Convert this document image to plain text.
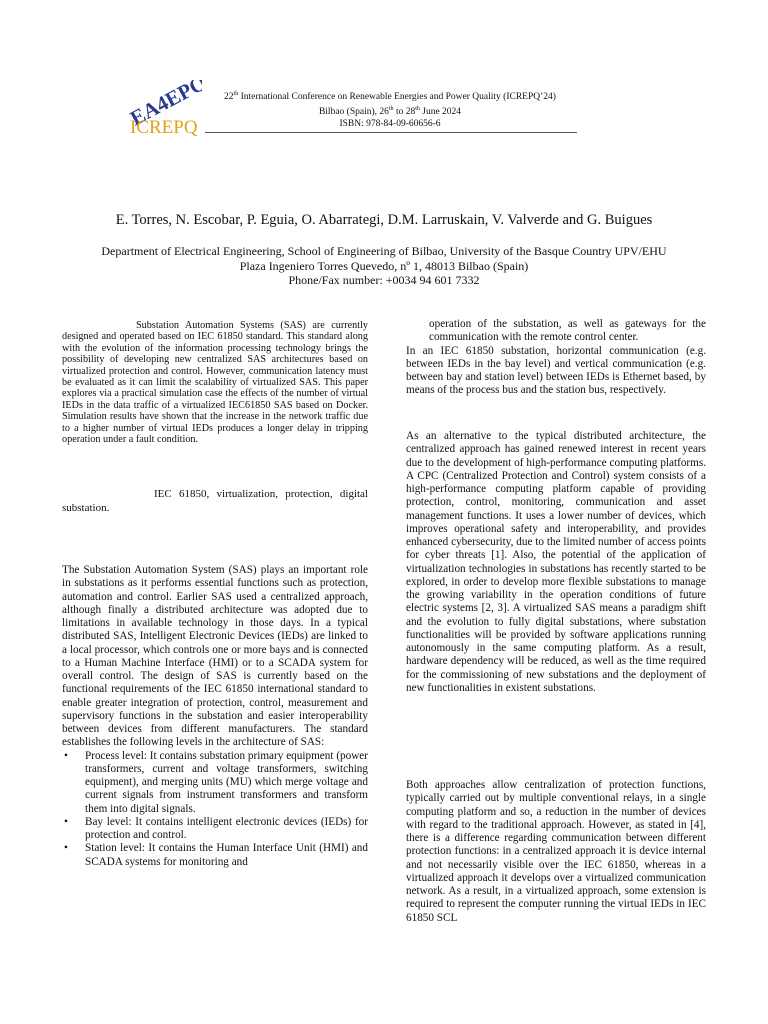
EA4EPQ
ICREPQ
22th International Conference on Renewable Energies and Power Quality (ICREPQ’24)
Bilbao (Spain), 26th to 28th June 2024
ISBN: 978-84-09-60656-6
E. Torres, N. Escobar, P. Eguia, O. Abarrategi, D.M. Larruskain, V. Valverde and G. Buigues
Department of Electrical Engineering, School of Engineering of Bilbao, University of the Basque Country UPV/EHU
Plaza Ingeniero Torres Quevedo, nº 1, 48013 Bilbao (Spain)
Phone/Fax number: +0034 94 601 7332

Substation Automation Systems (SAS) are currently designed and operated based on IEC 61850 standard. This standard along with the evolution of the information processing technology brings the possibility of developing new centralized SAS architectures based on virtualized protection and control. However, communication latency must be evaluated as it can limit the scalability of virtualized SAS. This paper explores via a practical simulation case the effects of the number of virtual IEDs in the data traffic of a virtualized IEC61850 SAS based on Docker. Simulation results have shown that the increase in the network traffic due to a higher number of virtual IEDs produces a longer delay in tripping operation under a fault condition.

IEC 61850, virtualization, protection, digital substation.

The Substation Automation System (SAS) plays an important role in substations as it performs essential functions such as protection, automation and control. Earlier SAS used a centralized approach, although finally a distributed architecture was adopted due to limitations in available technology in those days. In a typical distributed SAS, Intelligent Electronic Devices (IEDs) are linked to a local processor, which controls one or more bays and is connected to a Human Machine Interface (HMI) or to a SCADA system for overall control. The design of SAS is currently based on the functional requirements of the IEC 61850 international standard to enable greater integration of protection, control, measurement and supervisory functions in the substation and easier interoperability between devices from different manufacturers. The standard establishes the following levels in the architecture of SAS:

• Process level: It contains substation primary equipment (power transformers, current and voltage transformers, switching equipment), and merging units (MU) which merge voltage and current signals from instrument transformers and transform them into digital signals.
• Bay level: It contains intelligent electronic devices (IEDs) for protection and control.
• Station level: It contains the Human Interface Unit (HMI) and SCADA systems for monitoring and

operation of the substation, as well as gateways for the communication with the remote control center.

In an IEC 61850 substation, horizontal communication (e.g. between IEDs in the bay level) and vertical communication (e.g. between bay and station level) between IEDs is Ethernet based, by means of the process bus and the station bus, respectively.

As an alternative to the typical distributed architecture, the centralized approach has gained renewed interest in recent years due to the development of high-performance computing platforms. A CPC (Centralized Protection and Control) system consists of a high-performance computing platform capable of providing protection, control, monitoring, communication and asset management functions. It uses a lower number of devices, which improves operational safety and interoperability, and provides enhanced cybersecurity, due to the limited number of access points for cyber threats [1]. Also, the potential of the application of virtualization technologies in substations has recently started to be explored, in order to develop more flexible substations to manage the growing variability in the operation conditions of future electric systems [2, 3]. A virtualized SAS means a paradigm shift and the evolution to fully digital substations, where substation functionalities will be provided by software applications running autonomously in the same computing platform. As a result, hardware dependency will be reduced, as well as the time required for the commissioning of new substations and the deployment of new functionalities in existent substations.

Both approaches allow centralization of protection functions, typically carried out by multiple conventional relays, in a single computing platform and so, a reduction in the number of devices with regard to the traditional approach. However, as stated in [4], there is a difference regarding communication between different protection functions: in a centralized approach it is device internal and not necessarily visible over the IEC 61850, whereas in a virtualized approach it develops over a virtualized communication network. As a result, in a virtualized approach, some extension is required to represent the computer running the virtual IEDs in IEC 61850 SCL
